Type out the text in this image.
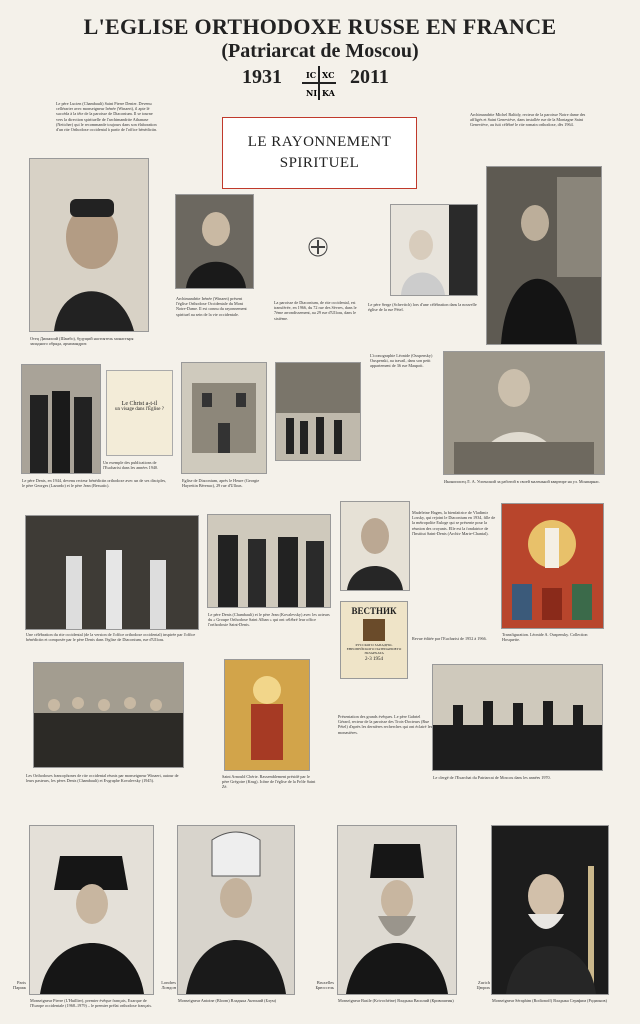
L'EGLISE ORTHODOXE RUSSE EN FRANCE
(Patriarcat de Moscou)
1931	IC XC
NI KA
2011
LE RAYONNEMENT
SPIRITUEL
Le père Lucien (Chambault) Saint Pierre Denier. Devenu cellérarier avec monseigneur Irénée (Winaert), il apte lé succèda à la tête de la paroisse de Diaconium. Il se tourne vers la direction spirituelle de l'archimandrite Athanase (Nettcher) qui le recommande toujours dans son élaboration d'un rite Orthodoxe occidental à partir de l'office bénédictin.
Archimandrite Michel Baltidy, recteur de la paroisse Notre dame des affligés et Saint Geneviève, dans installée rue de la Montagne Saint Geneviève, au fuit célébré le rite romain orthodoxe, dès 1964.
Отец Дионисий (Шамбо), будущий настоятель монастыря западного обряда, архимандрит.
Archimandrite Irénée (Winaert) présent l'église Orthodoxe Occidentale du Mont Notre-Dame. Il est connu du rayonnement spirituel au sein de la vie occidentale.
La paroisse de Diaconium, de rite occidental, est transférée, en 1966, du 72 rue des Sèvres, dans le 7ème arrondissement, au 29 rue d'Ulloas, dans le sixième.
Le père Serge (Schevitch) lors d'une célébration dans la nouvelle église de la rue Pétel.
Le père Denis, en 1944, devenu recteur bénédictin orthodoxe avec un de ses disciples, le père Georges (Lazardo) et le père Jean (Bessatic).
Le Christ a-t-il
un visage dans l'Église ?
Un exemple des publications de l'Eucharist dans les années 1940.
Eglise de Diaconium, après le Heure (Georgie Hayrettin Bérenac), 29 rue d'Ulloas.
L'iconographie Léonide (Ouspensky) Ouspenski, au travail, dans son petit appartement de 36 rue Maupoit.
Иконописец Л. А. Успенский за работой в своей маленькой квартире на ул. Монпарнас.
Une célébration du rite occidental (de la version de l'office orthodoxe occidental) inspirée par l'office bénédictin et composée par le père Denis dans l'église de Diaconium, rue d'Ulloas.
Le père Denis (Chambault) et le père Jean (Kovalevsky) avec les acteurs du « Groupe Orthodoxe Saint Alban » qui ont célébré leur office l'orthodoxie Saint-Denis.
Madeleine Hagen, la bienfaitrice de Vladimir Lossky, qui rejoint le Diaconium en 1934, fille de la métropolite Euloge qui se présente pour la réunion des croyants. Elle est la fondatrice de l'Institut Saint-Denis (Archiv Marie-Chantal).
ВЕСТНИК
РУССКОГО ЗАПАДНО-ЕВРОПЕЙСКОГО ПАТРИАРШЕГО ЭКЗАРХАТА
2-3 1954
Revue éditée par l'Eucharist de 1952 à 1966.
Transfiguration. Léonide A. Ouspensky. Collection Hosquette.
Les Orthodoxes francophones de rite occidental réunis par monseigneur Winaert, autour de leurs pasteurs, les pères Denis (Chambault) et Evgraphe Kovalevsky (1945).
Saint Arnould Chérie. Rassemblement présidé par le père Grégoire (Krug). Icône de l'église de la Frôle Saint Zé.
Présentation des grands évêques. Le père Gabriel Gérard, recteur de la paroisse des Trois-Docteurs (Rue Pétel) d'après les dernières recherches qui ont éclairé les monastères.
Le clergé de l'Exarchat du Patriarcat de Moscou dans les années 1970.
Paris Париж
Monseigneur Pierre (L'Huillier), premier évêque français, Exarque de l'Europe occidentale (1968–1979) – le premier prélat orthodoxe français.
Londres Лондон
Monseigneur Antoine (Bloom) Владыка Антоний (Блум)
Bruxelles Брюссель
Monseigneur Basile (Krivochéine) Владыка Василий (Кривошеин)
Zurich Цюрих
Monseigneur Séraphim (Rodionoff) Владыка Серафим (Родионов)
